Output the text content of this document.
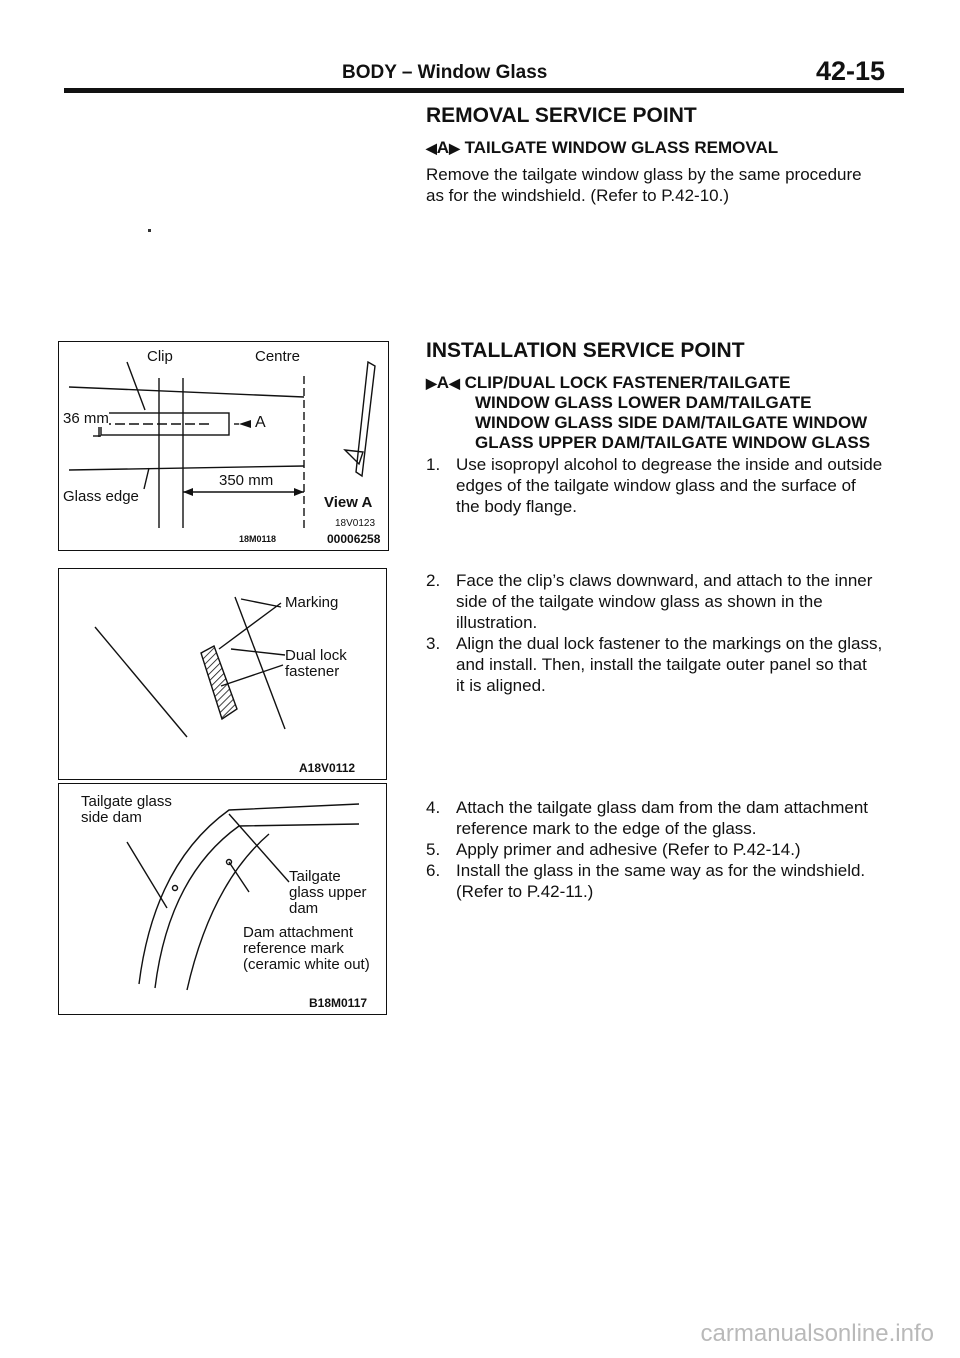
BODY – Window Glass	42-15
REMOVAL SERVICE POINT
◀A▶ TAILGATE WINDOW GLASS REMOVAL
Remove the tailgate window glass by the same procedure
as for the windshield. (Refer to P.42-10.)
INSTALLATION SERVICE POINT
▶A◀ CLIP/DUAL LOCK FASTENER/TAILGATE
WINDOW GLASS LOWER DAM/TAILGATE
WINDOW GLASS SIDE DAM/TAILGATE WINDOW
GLASS UPPER DAM/TAILGATE WINDOW GLASS
1. Use isopropyl alcohol to degrease the inside and outside
edges of the tailgate window glass and the surface of
the body flange.
2. Face the clip’s claws downward, and attach to the inner
side of the tailgate window glass as shown in the
illustration.
3. Align the dual lock fastener to the markings on the glass,
and install. Then, install the tailgate outer panel so that
it is aligned.
4. Attach the tailgate glass dam from the dam attachment
reference mark to the edge of the glass.
5. Apply primer and adhesive (Refer to P.42-14.)
6. Install the glass in the same way as for the windshield.
(Refer to P.42-11.)
Clip	Centre
36 mm	A
Glass edge
350 mm
View A
18V0123
18M0118	00006258
Marking
Dual lock
fastener
A18V0112
Tailgate glass
side dam
Tailgate
glass upper
dam
Dam attachment
reference mark
(ceramic white out)
B18M0117
carmanualsonline.info
